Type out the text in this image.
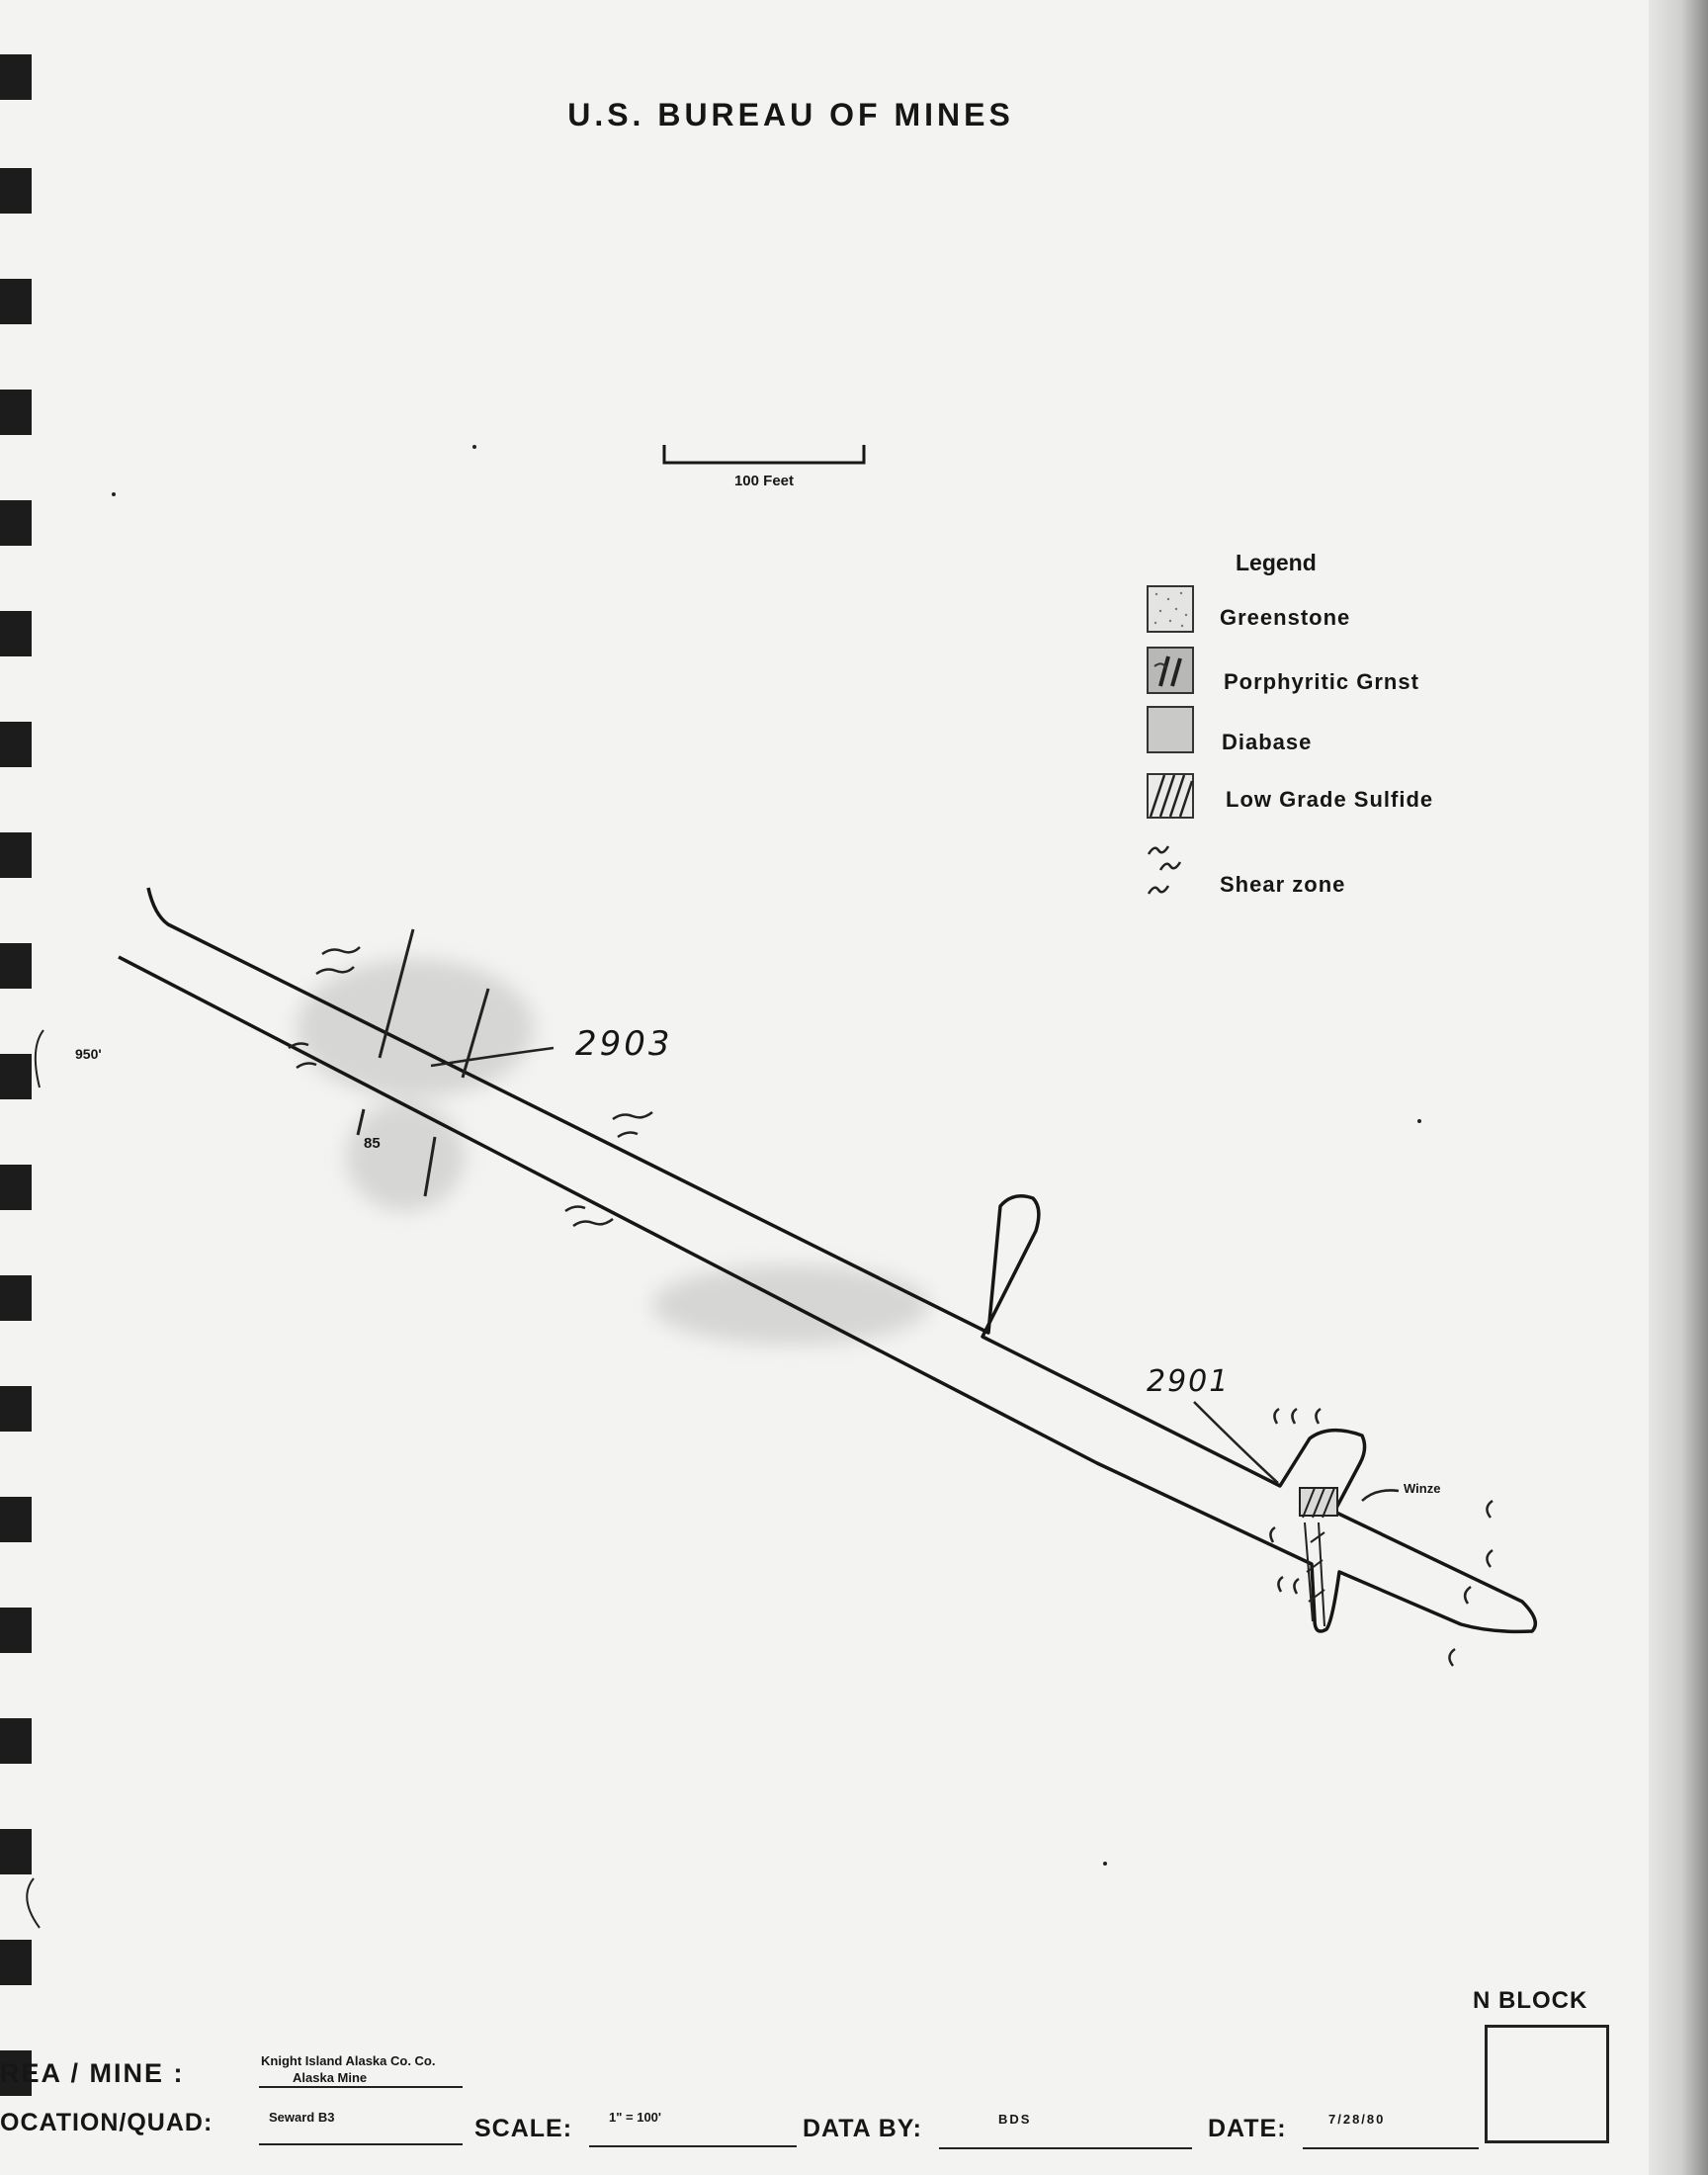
U.S. BUREAU OF MINES
100 Feet
Legend
Greenstone
Porphyritic Grnst
Diabase
Low Grade Sulfide
Shear zone
2903
2901
85
950'
Winze
N BLOCK
REA / MINE :	Knight Island Alaska Co. Co.
Alaska Mine
OCATION/QUAD:	Seward B3	SCALE:	1" = 100'	DATA BY:	BDS	DATE:	7/28/80
